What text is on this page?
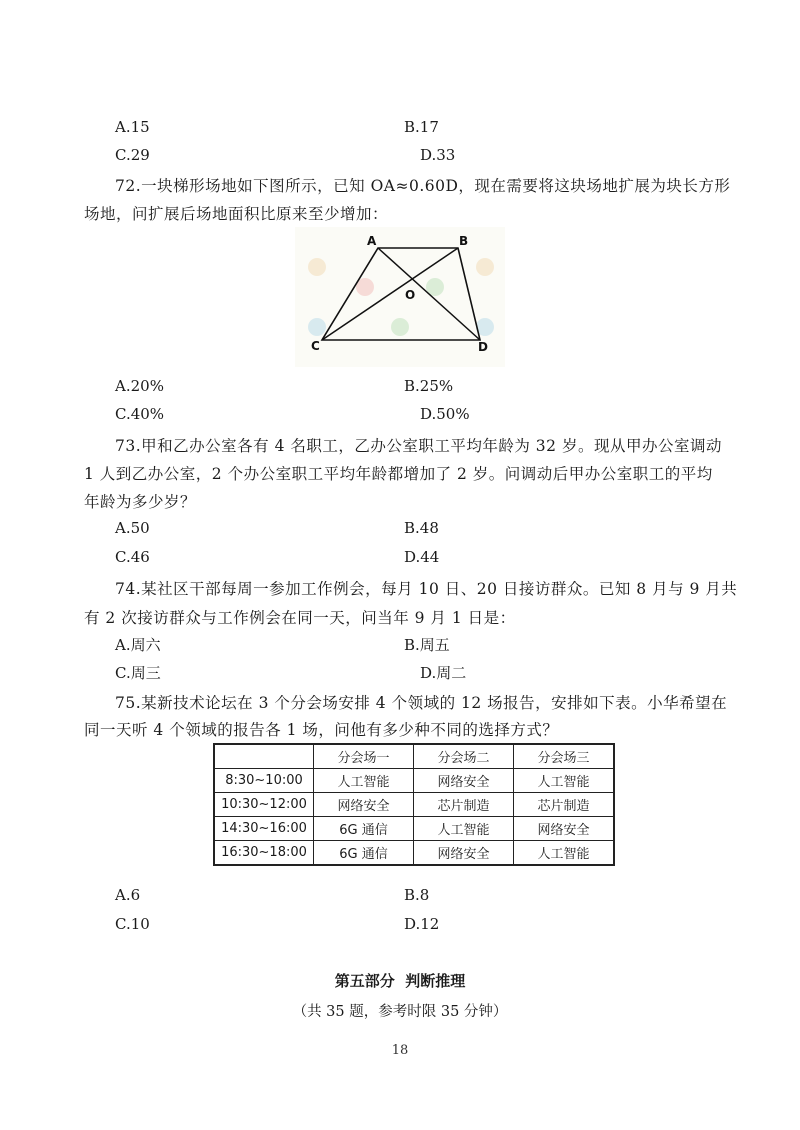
A.15	B.17
C.29	D.33
72.一块梯形场地如下图所示，已知 OA≈0.60D，现在需要将这块场地扩展为块长方形
场地，问扩展后场地面积比原来至少增加：
A	B
C	D
O
A.20%	B.25%
C.40%	D.50%
73.甲和乙办公室各有 4 名职工，乙办公室职工平均年龄为 32 岁。现从甲办公室调动
1 人到乙办公室，2 个办公室职工平均年龄都增加了 2 岁。问调动后甲办公室职工的平均
年龄为多少岁？
A.50	B.48
C.46	D.44
74.某社区干部每周一参加工作例会，每月 10 日、20 日接访群众。已知 8 月与 9 月共
有 2 次接访群众与工作例会在同一天，问当年 9 月 1 日是：
A.周六	B.周五
C.周三	D.周二
75.某新技术论坛在 3 个分会场安排 4 个领域的 12 场报告，安排如下表。小华希望在
同一天听 4 个领域的报告各 1 场，问他有多少种不同的选择方式？
	分会场一	分会场二	分会场三
8:30~10:00	人工智能	网络安全	人工智能
10:30~12:00	网络安全	芯片制造	芯片制造
14:30~16:00	6G 通信	人工智能	网络安全
16:30~18:00	6G 通信	网络安全	人工智能
A.6	B.8
C.10	D.12
第五部分  判断推理
（共 35 题，参考时限 35 分钟）
18
